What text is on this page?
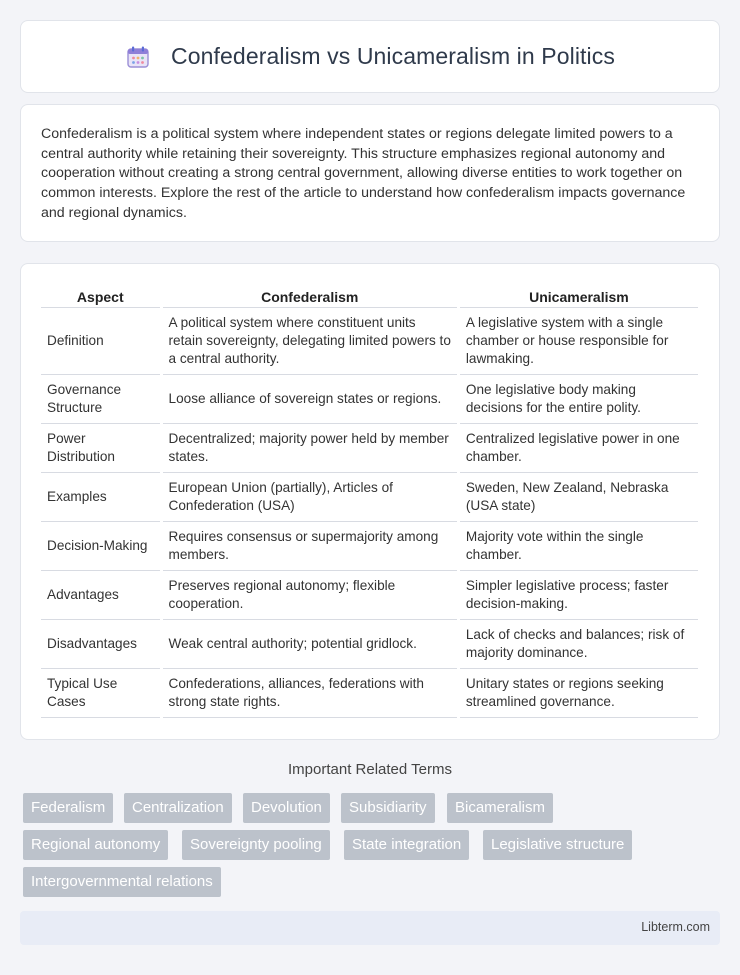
Confederalism vs Unicameralism in Politics

Confederalism is a political system where independent states or regions delegate limited powers to a central authority while retaining their sovereignty. This structure emphasizes regional autonomy and cooperation without creating a strong central government, allowing diverse entities to work together on common interests. Explore the rest of the article to understand how confederalism impacts governance and regional dynamics.

Aspect		Confederalism		Unicameralism
Definition		A political system where constituent units retain sovereignty, delegating limited powers to a central authority.		A legislative system with a single chamber or house responsible for lawmaking.
Governance Structure		Loose alliance of sovereign states or regions.		One legislative body making decisions for the entire polity.
Power Distribution		Decentralized; majority power held by member states.		Centralized legislative power in one chamber.
Examples		European Union (partially), Articles of Confederation (USA)		Sweden, New Zealand, Nebraska (USA state)
Decision-Making		Requires consensus or supermajority among members.		Majority vote within the single chamber.
Advantages		Preserves regional autonomy; flexible cooperation.		Simpler legislative process; faster decision-making.
Disadvantages		Weak central authority; potential gridlock.		Lack of checks and balances; risk of majority dominance.
Typical Use Cases		Confederations, alliances, federations with strong state rights.		Unitary states or regions seeking streamlined governance.
Important Related Terms
Federalism	Centralization	Devolution	Subsidiarity	Bicameralism
Regional autonomy	Sovereignty pooling	State integration	Legislative structure
Intergovernmental relations
Libterm.com
